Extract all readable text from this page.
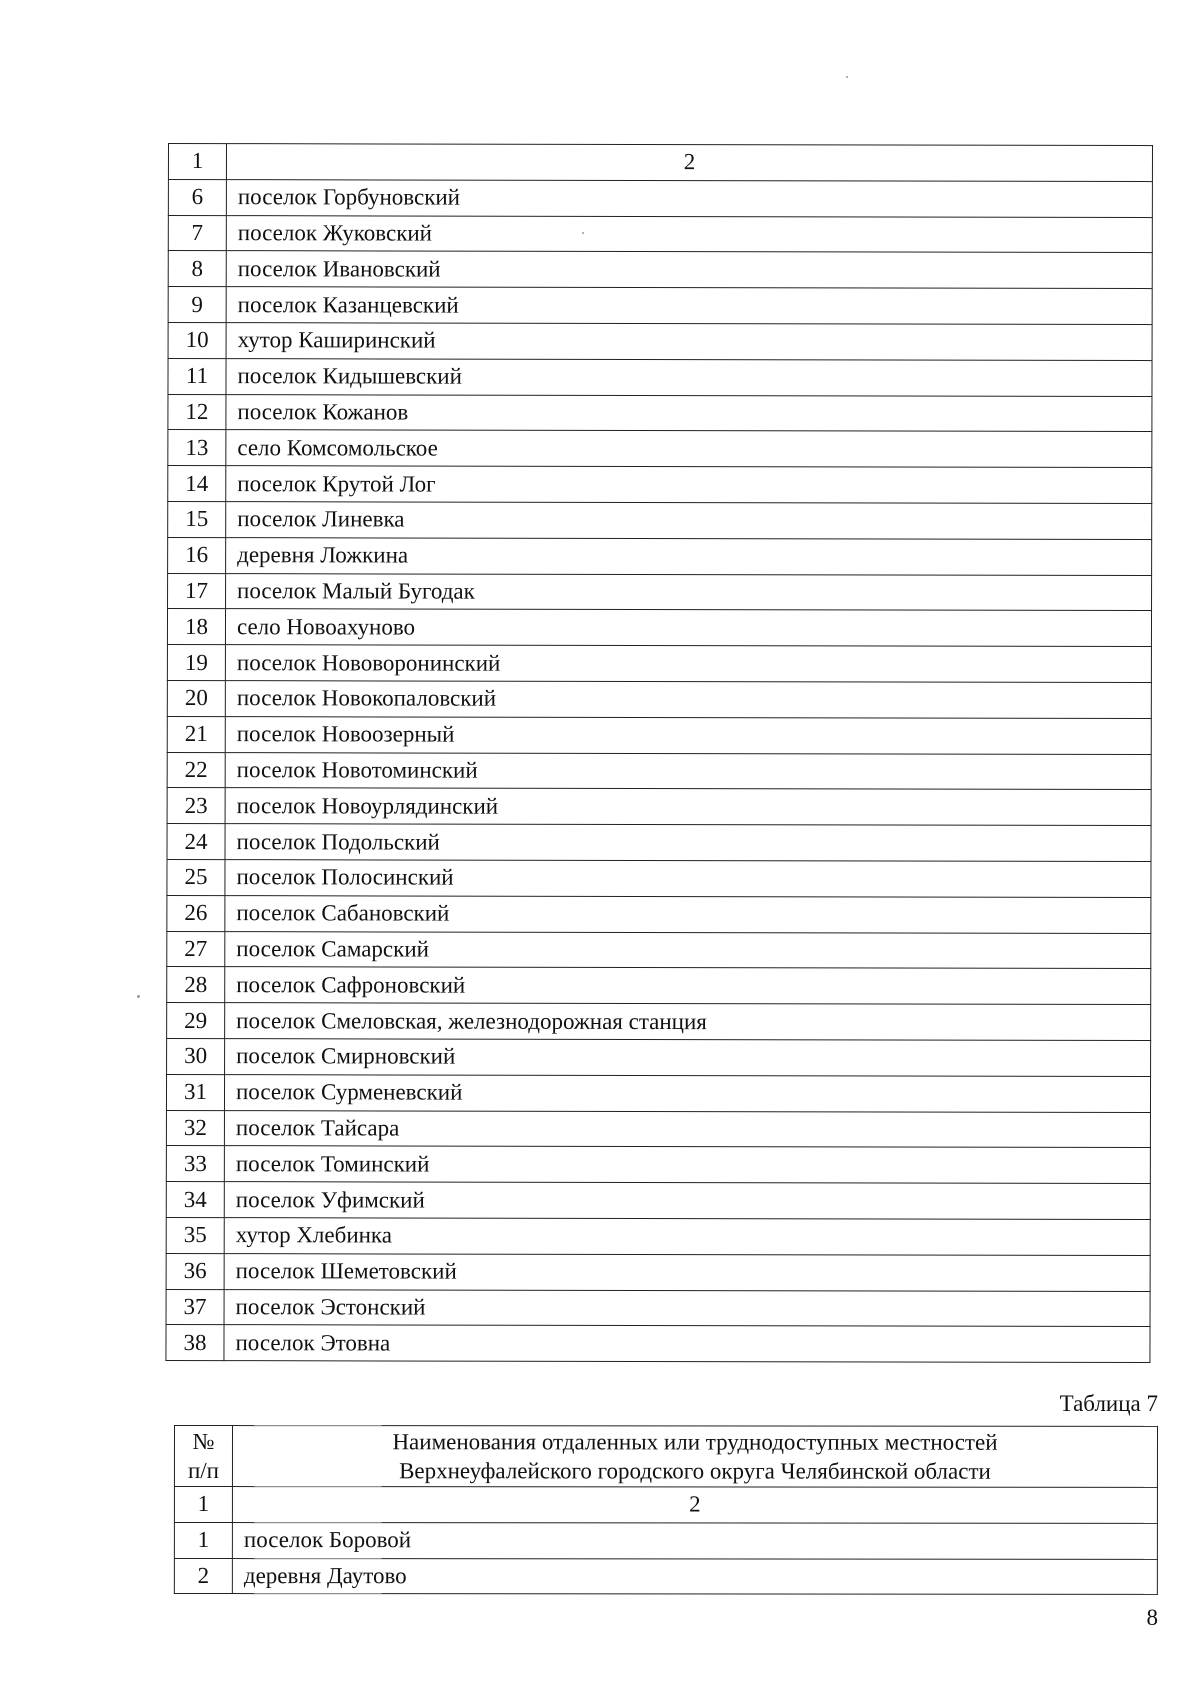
1	2
6	поселок Горбуновский
7	поселок Жуковский
8	поселок Ивановский
9	поселок Казанцевский
10	хутор Каширинский
11	поселок Кидышевский
12	поселок Кожанов
13	село Комсомольское
14	поселок Крутой Лог
15	поселок Линевка
16	деревня Ложкина
17	поселок Малый Бугодак
18	село Новоахуново
19	поселок Нововоронинский
20	поселок Новокопаловский
21	поселок Новоозерный
22	поселок Новотоминский
23	поселок Новоурлядинский
24	поселок Подольский
25	поселок Полосинский
26	поселок Сабановский
27	поселок Самарский
28	поселок Сафроновский
29	поселок Смеловская, железнодорожная станция
30	поселок Смирновский
31	поселок Сурменевский
32	поселок Тайсара
33	поселок Томинский
34	поселок Уфимский
35	хутор Хлебинка
36	поселок Шеметовский
37	поселок Эстонский
38	поселок Этовна
Таблица 7
№
п/п	Наименования отдаленных или труднодоступных местностей
Верхнеуфалейского городского округа Челябинской области
1	2
1	поселок Боровой
2	деревня Даутово
8
